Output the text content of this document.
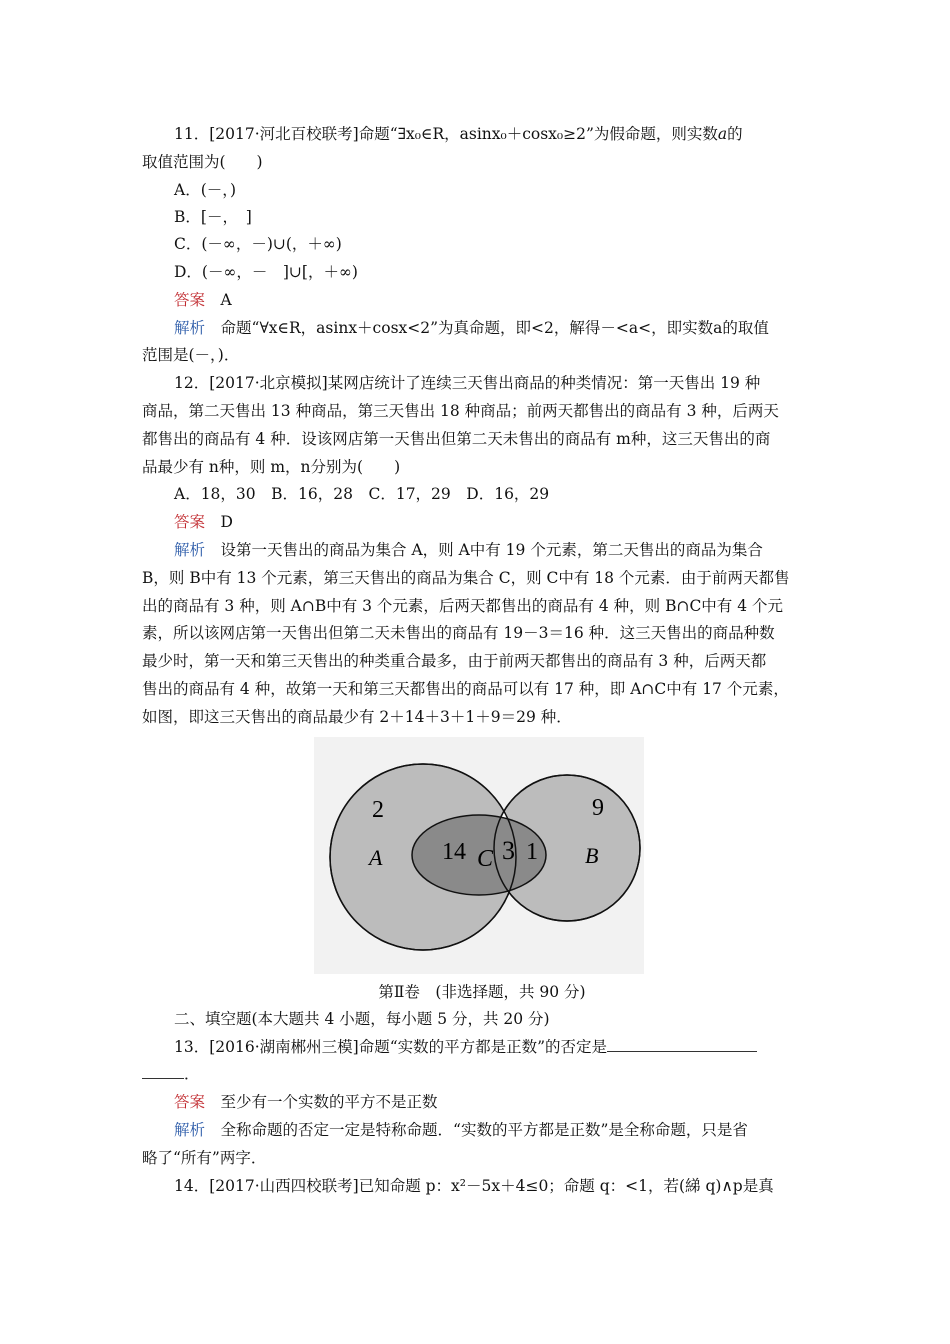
11．[2017·河北百校联考]命题“∃x₀∈R，asinx₀＋cosx₀≥2”为假命题，则实数a的
取值范围为(　　)
A．(－，)
B．[－，　]
C．(－∞，－)∪(，＋∞)
D．(－∞，－　]∪[，＋∞)
答案 A
解析 命题“∀x∈R，asinx＋cosx<2”为真命题，即<2，解得－<a<，即实数a的取值
范围是(－，)．
12．[2017·北京模拟]某网店统计了连续三天售出商品的种类情况：第一天售出 19 种
商品，第二天售出 13 种商品，第三天售出 18 种商品；前两天都售出的商品有 3 种，后两天
都售出的商品有 4 种．设该网店第一天售出但第二天未售出的商品有 m种，这三天售出的商
品最少有 n种，则 m，n分别为(　　)
A．18，30　B．16，28　C．17，29　D．16，29
答案 D
解析 设第一天售出的商品为集合 A，则 A中有 19 个元素，第二天售出的商品为集合
B，则 B中有 13 个元素，第三天售出的商品为集合 C，则 C中有 18 个元素．由于前两天都售
出的商品有 3 种，则 A∩B中有 3 个元素，后两天都售出的商品有 4 种，则 B∩C中有 4 个元
素，所以该网店第一天售出但第二天未售出的商品有 19－3＝16 种．这三天售出的商品种数
最少时，第一天和第三天售出的种类重合最多，由于前两天都售出的商品有 3 种，后两天都
售出的商品有 4 种，故第一天和第三天都售出的商品可以有 17 种，即 A∩C中有 17 个元素，
如图，即这三天售出的商品最少有 2＋14＋3＋1＋9＝29 种．
2	9
14 3 1
A	B
C
第Ⅱ卷　(非选择题，共 90 分)
二、填空题(本大题共 4 小题，每小题 5 分，共 20 分)
13．[2016·湖南郴州三模]命题“实数的平方都是正数”的否定是
．
答案 至少有一个实数的平方不是正数
解析 全称命题的否定一定是特称命题．“实数的平方都是正数”是全称命题，只是省
略了“所有”两字．
14．[2017·山西四校联考]已知命题 p：x²－5x＋4≤0；命题 q：<1，若(綈 q)∧p是真
